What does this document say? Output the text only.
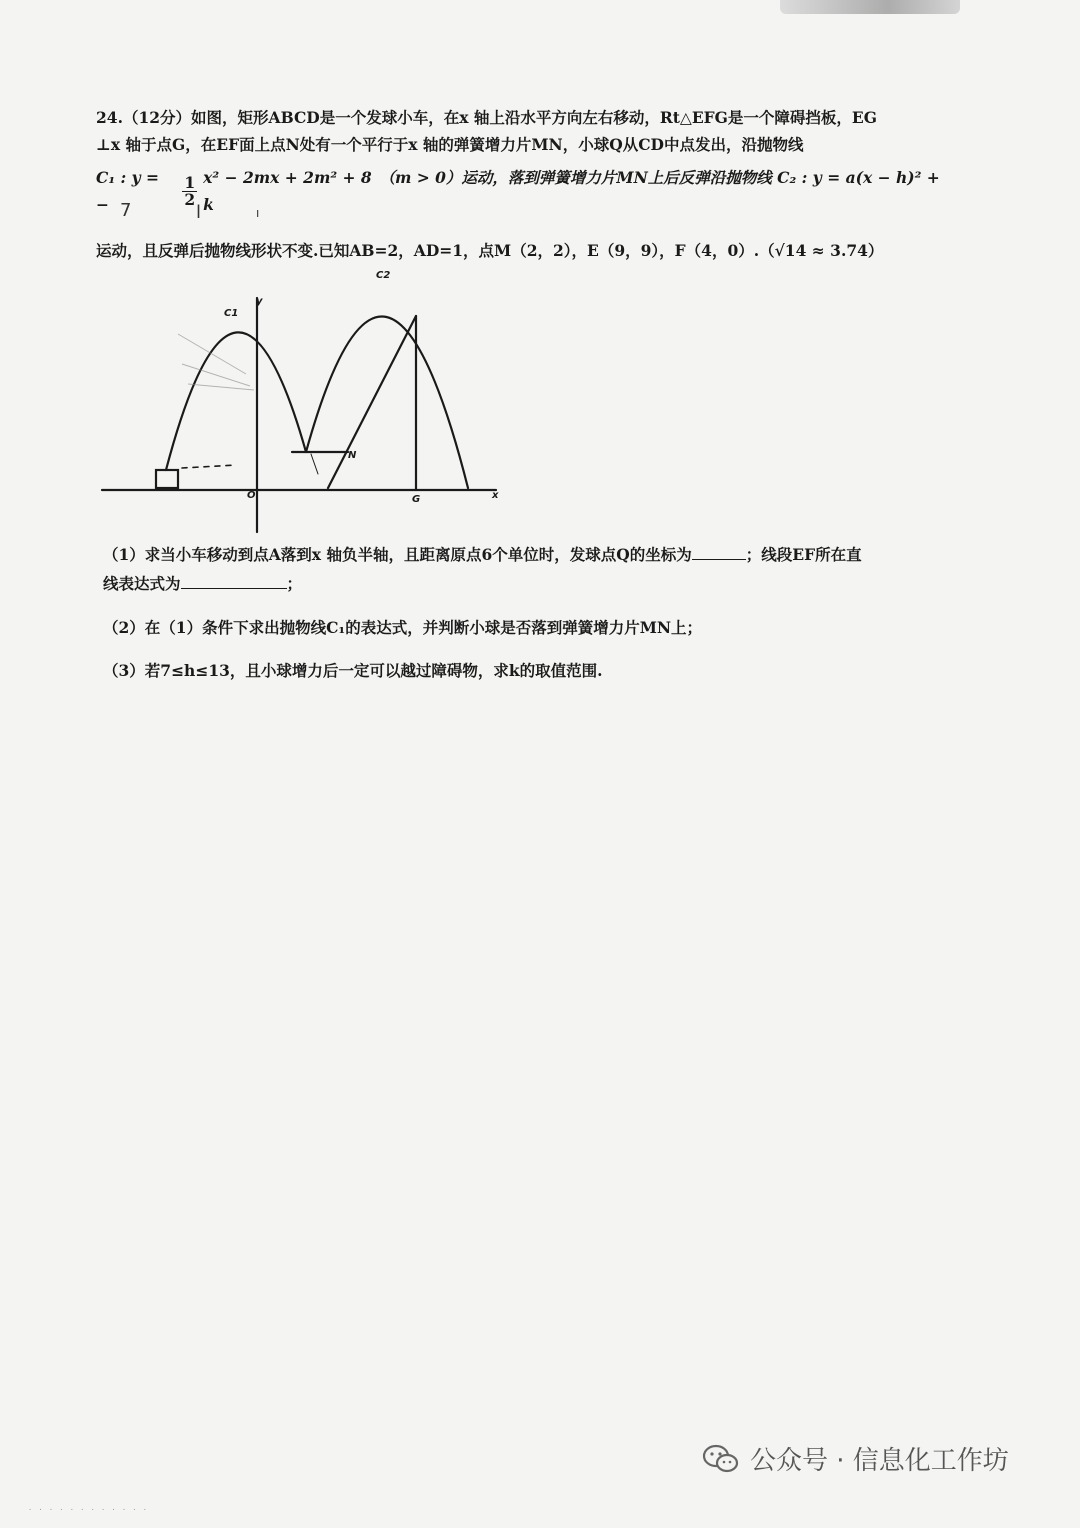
24.（12分）如图，矩形ABCD是一个发球小车，在x 轴上沿水平方向左右移动，Rt△EFG是一个障碍挡板，EG
⊥x 轴于点G，在EF面上点N处有一个平行于x 轴的弹簧增力片MN，小球Q从CD中点发出，沿抛物线
C₁ : y = −	$\frac{1}{2} x^2 - 2mx + 2m^2 + 8$　（m > 0）运动，落到弹簧增力片MN上后反弹沿抛物线 C₂ : y = a(x − h)² + k
运动，且反弹后抛物线形状不变.已知AB=2，AD=1，点M（2，2），E（9，9），F（4，0）.（√14 ≈ 3.74）
7	l	ı
C1
C2
y
x
O	G
N
（1）求当小车移动到点A落到x 轴负半轴，且距离原点6个单位时，发球点Q的坐标为	；线段EF所在直
线表达式为	；
（2）在（1）条件下求出抛物线C₁的表达式，并判断小球是否落到弹簧增力片MN上；
（3）若7≤h≤13，且小球增力后一定可以越过障碍物，求k的取值范围.
公众号 · 信息化工作坊
· · · · · · · · · · · ·
